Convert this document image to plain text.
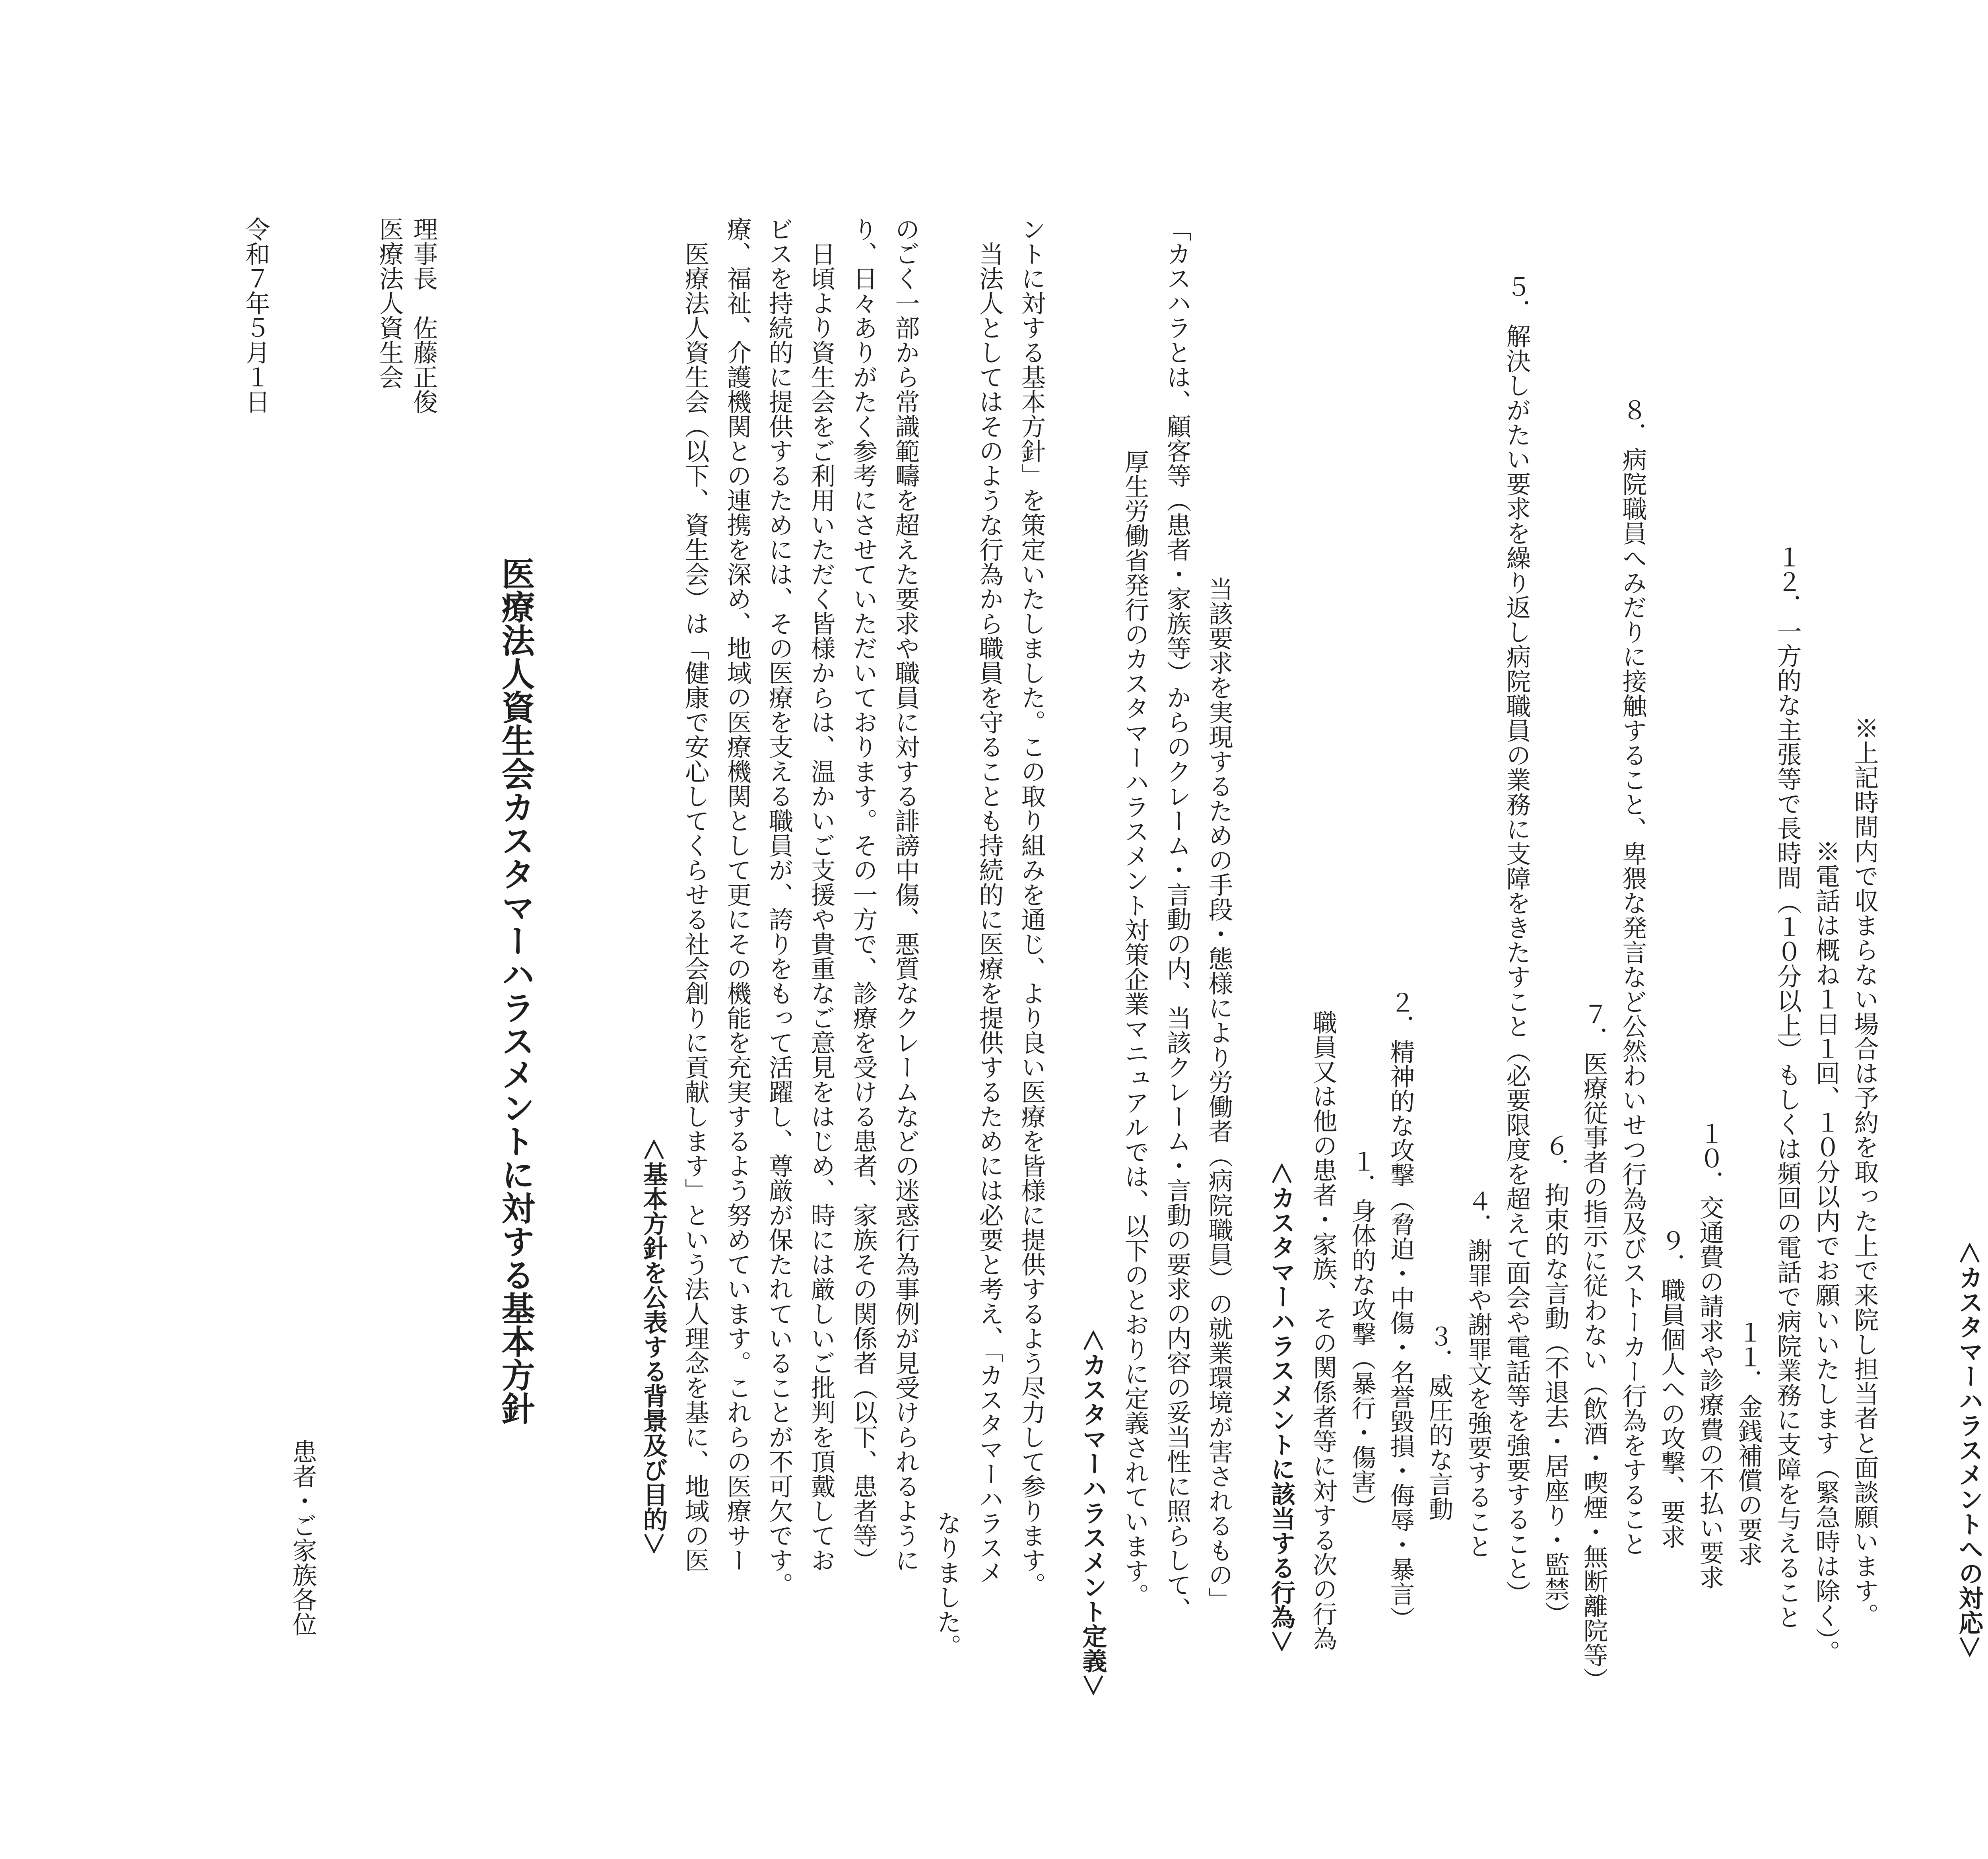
令和７年５月１日	医療法人資生会 理事長　佐藤正俊
医療法人資生会カスタマーハラスメントに対する基本方針
患者・ご家族各位	＜基本方針を公表する背景及び目的＞ 　医療法人資生会（以下、資生会）は「健康で安心してくらせる社会創りに貢献します」という法人理念を基に、地域の医 療、福祉、介護機関との連携を深め、地域の医療機関として更にその機能を充実するよう努めています。これらの医療サー ビスを持続的に提供するためには、その医療を支える職員が、誇りをもって活躍し、尊厳が保たれていることが不可欠です。 　日頃より資生会をご利用いただく皆様からは、温かいご支援や貴重なご意見をはじめ、時には厳しいご批判を頂戴してお り、日々ありがたく参考にさせていただいております。その一方で、診療を受ける患者、家族その関係者（以下、患者等） のごく一部から常識範疇を超えた要求や職員に対する誹謗中傷、悪質なクレームなどの迷惑行為事例が見受けられるように
なりました。 　当法人としてはそのような行為から職員を守ることも持続的に医療を提供するためには必要と考え、「カスタマーハラスメ ントに対する基本方針」を策定いたしました。この取り組みを通じ、より良い医療を皆様に提供するよう尽力して参ります。 ＜カスタマーハラスメント定義＞ 厚生労働省発行のカスタマーハラスメント対策企業マニュアルでは、以下のとおりに定義されています。 「カスハラとは、顧客等（患者・家族等）からのクレーム・言動の内、当該クレーム・言動の要求の内容の妥当性に照らして、 当該要求を実現するための手段・態様により労働者（病院職員）の就業環境が害されるもの」 ＜カスタマーハラスメントに該当する行為＞ 職員又は他の患者・家族、その関係者等に対する次の行為 １．身体的な攻撃（暴行・傷害） ２．精神的な攻撃（脅迫・中傷・名誉毀損・侮辱・暴言） ３．威圧的な言動 ４．謝罪や謝罪文を強要すること ５．解決しがたい要求を繰り返し病院職員の業務に支障をきたすこと（必要限度を超えて面会や電話等を強要すること） ６．拘束的な言動（不退去・居座り・監禁） ７．医療従事者の指示に従わない（飲酒・喫煙・無断離院等） ８．病院職員へみだりに接触すること、卑猥な発言など公然わいせつ行為及びストーカー行為をすること ９．職員個人への攻撃、要求 １０．交通費の請求や診療費の不払い要求 １１．金銭補償の要求 １２．一方的な主張等で長時間（１０分以上）もしくは頻回の電話で病院業務に支障を与えること ※電話は概ね１日１回、１０分以内でお願いいたします（緊急時は除く）。 ※上記時間内で収まらない場合は予約を取った上で来院し担当者と面談願います。	＜カスタマーハラスメントへの対応＞
